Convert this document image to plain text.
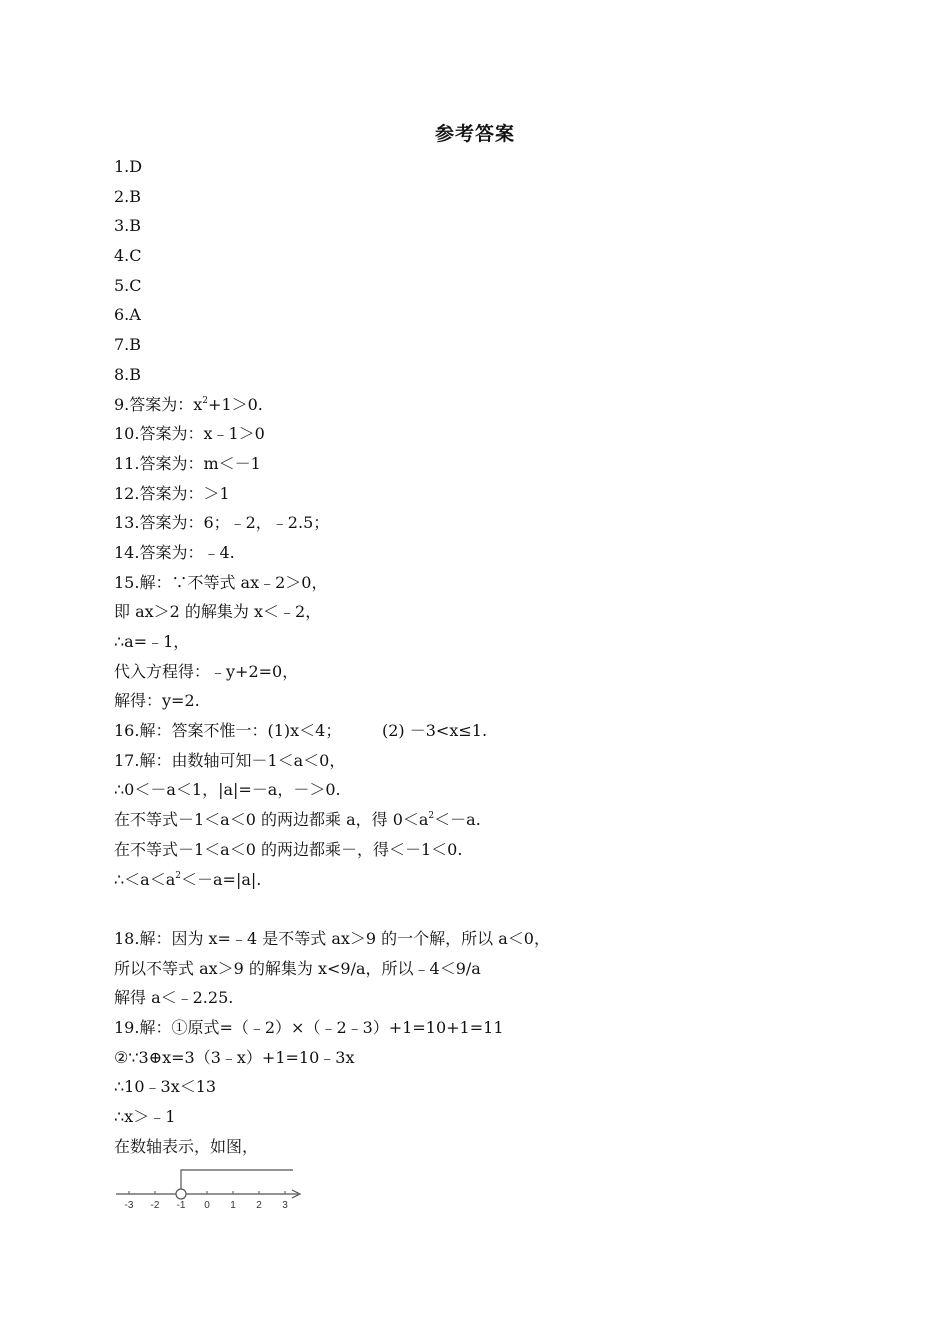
参考答案
1.D
2.B
3.B
4.C
5.C
6.A
7.B
8.B
9.答案为：$x^2+1>0$.
10.答案为：x﹣1＞0
11.答案为：m＜－1
12.答案为：＞1
13.答案为：6；﹣2，﹣2.5；
14.答案为：﹣4.
15.解：∵不等式 ax﹣2＞0，
即 ax＞2 的解集为 x＜﹣2，
∴a=﹣1，
代入方程得：﹣y+2=0，
解得：y=2.
16.解：答案不惟一：(1)x＜4；        (2) －3<x≤1.
17.解：由数轴可知－1＜a＜0，
∴0＜－a＜1，|a|=－a，－＞0.
在不等式－1＜a＜0 的两边都乘 a，得 $0<a^2<-a$.
在不等式－1＜a＜0 的两边都乘－，得＜－1＜0.
$\therefore<a<a^2<-a=|a|$.
18.解：因为 x=﹣4 是不等式 ax＞9 的一个解，所以 a＜0，
所以不等式 ax＞9 的解集为 x<9/a，所以﹣4＜9/a
解得 a＜﹣2.25.
19.解：①原式=（﹣2）×（﹣2﹣3）+1=10+1=11
②∵3⊕x=3（3﹣x）+1=10﹣3x
∴10﹣3x＜13
∴x＞﹣1
在数轴表示，如图，
-3 -2 -1 0 1 2 3
